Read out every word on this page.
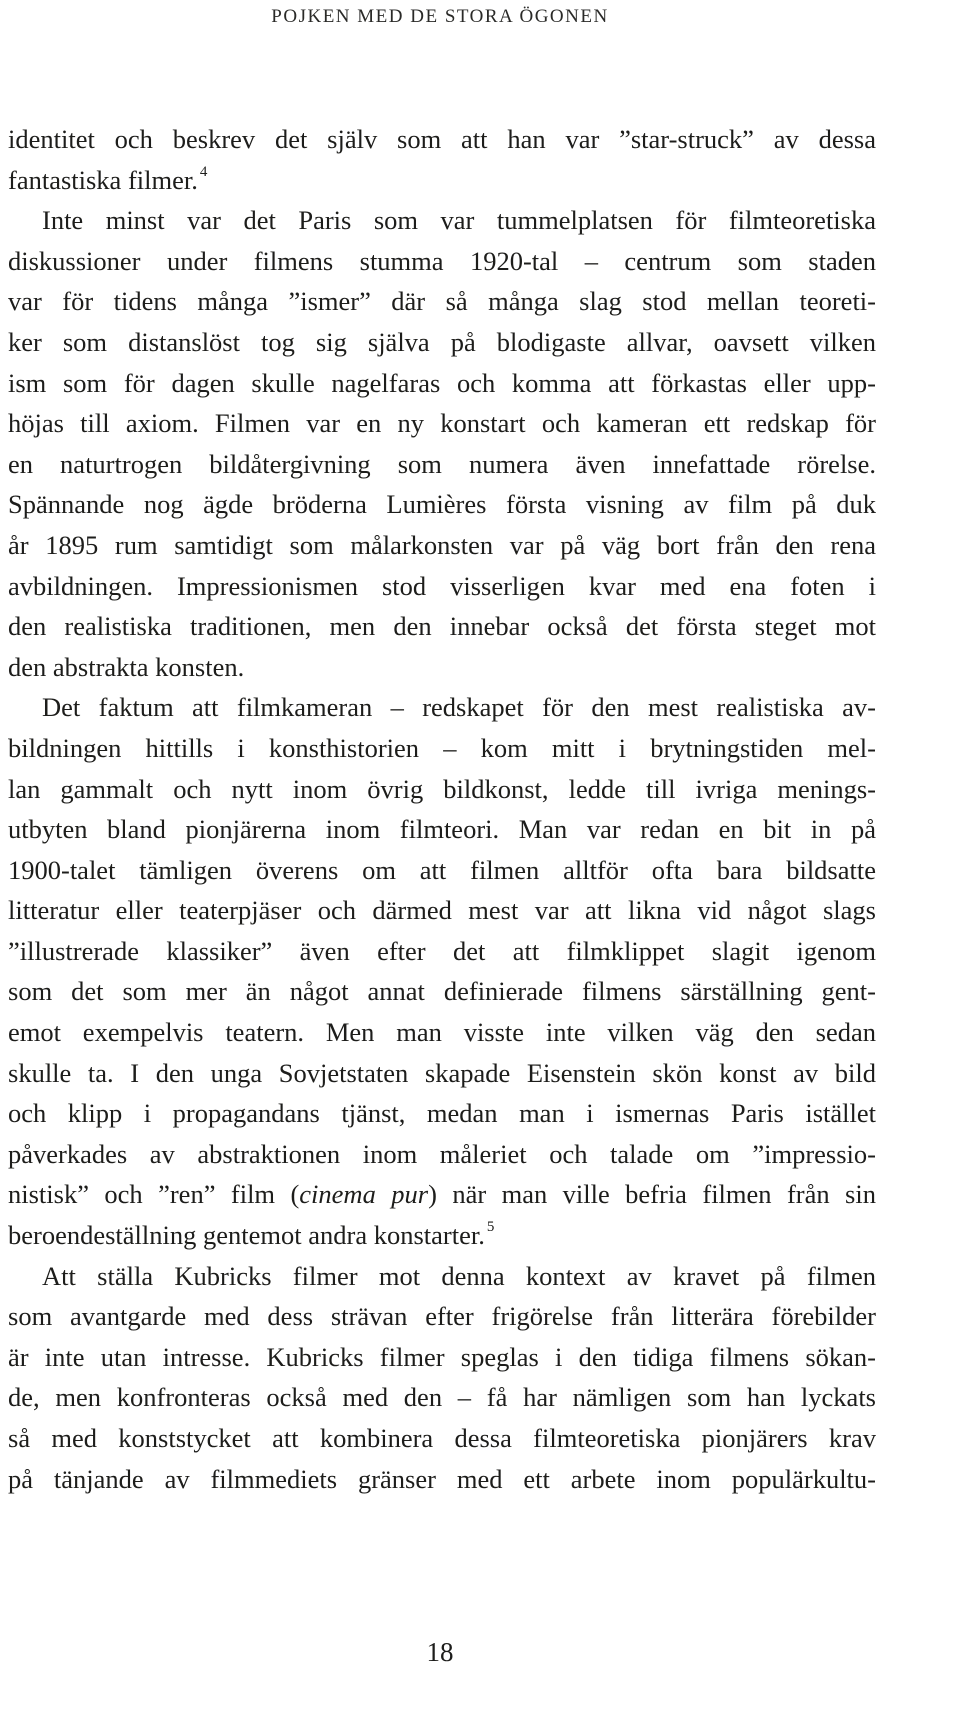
POJKEN MED DE STORA ÖGONEN
identitet och beskrev det själv som att han var ”star-struck” av dessa
fantastiska filmer. $^4$
Inte minst var det Paris som var tummelplatsen för filmteoretiska
diskussioner under filmens stumma 1920-tal – centrum som staden
var för tidens många ”ismer” där så många slag stod mellan teoreti-
ker som distanslöst tog sig själva på blodigaste allvar, oavsett vilken
ism som för dagen skulle nagelfaras och komma att förkastas eller upp-
höjas till axiom. Filmen var en ny konstart och kameran ett redskap för
en naturtrogen bildåtergivning som numera även innefattade rörelse.
Spännande nog ägde bröderna Lumières första visning av film på duk
år 1895 rum samtidigt som målarkonsten var på väg bort från den rena
avbildningen. Impressionismen stod visserligen kvar med ena foten i
den realistiska traditionen, men den innebar också det första steget mot
den abstrakta konsten.
Det faktum att filmkameran – redskapet för den mest realistiska av-
bildningen hittills i konsthistorien – kom mitt i brytningstiden mel-
lan gammalt och nytt inom övrig bildkonst, ledde till ivriga menings-
utbyten bland pionjärerna inom filmteori. Man var redan en bit in på
1900-talet tämligen överens om att filmen alltför ofta bara bildsatte
litteratur eller teaterpjäser och därmed mest var att likna vid något slags
”illustrerade klassiker” även efter det att filmklippet slagit igenom
som det som mer än något annat definierade filmens särställning gent-
emot exempelvis teatern. Men man visste inte vilken väg den sedan
skulle ta. I den unga Sovjetstaten skapade Eisenstein skön konst av bild
och klipp i propagandans tjänst, medan man i ismernas Paris istället
påverkades av abstraktionen inom måleriet och talade om ”impressio-
nistisk” och ”ren” film (cinema pur) när man ville befria filmen från sin
beroendeställning gentemot andra konstarter. $^5$
Att ställa Kubricks filmer mot denna kontext av kravet på filmen
som avantgarde med dess strävan efter frigörelse från litterära förebilder
är inte utan intresse. Kubricks filmer speglas i den tidiga filmens sökan-
de, men konfronteras också med den – få har nämligen som han lyckats
så med konststycket att kombinera dessa filmteoretiska pionjärers krav
på tänjande av filmmediets gränser med ett arbete inom populärkultu-
18
